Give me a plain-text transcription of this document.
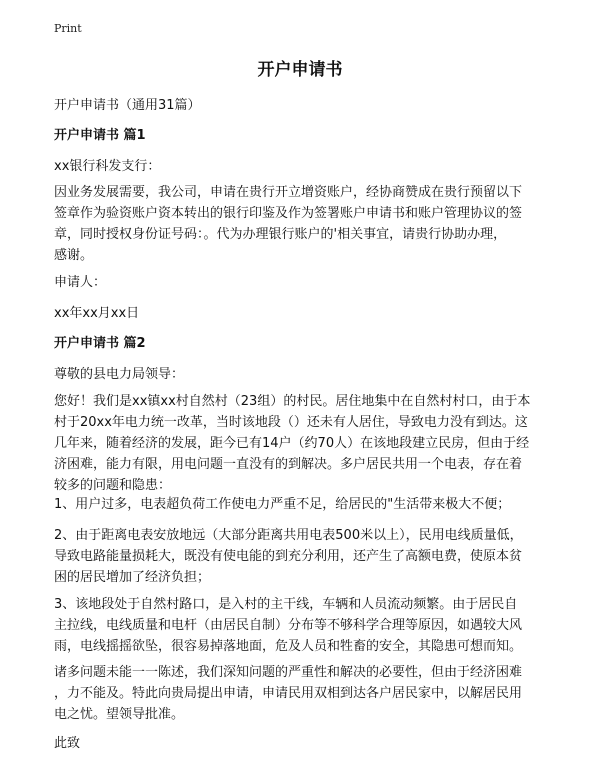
Print
开户申请书
开户申请书（通用31篇）
开户申请书 篇1
xx银行科发支行：
因业务发展需要，我公司，申请在贵行开立增资账户，经协商赞成在贵行预留以下
签章作为验资账户资本转出的银行印鉴及作为签署账户申请书和账户管理协议的签
章，同时授权身份证号码：。代为办理银行账户的'相关事宜，请贵行协助办理，
感谢。
申请人：
xx年xx月xx日
开户申请书 篇2
尊敬的县电力局领导：
您好！我们是xx镇xx村自然村（23组）的村民。居住地集中在自然村村口，由于本
村于20xx年电力统一改革，当时该地段（）还未有人居住，导致电力没有到达。这
几年来，随着经济的发展，距今已有14户（约70人）在该地段建立民房，但由于经
济困难，能力有限，用电问题一直没有的到解决。多户居民共用一个电表，存在着
较多的问题和隐患：
1、用户过多，电表超负荷工作使电力严重不足，给居民的"生活带来极大不便；
2、由于距离电表安放地远（大部分距离共用电表500米以上），民用电线质量低，
导致电路能量损耗大，既没有使电能的到充分利用，还产生了高额电费，使原本贫
困的居民增加了经济负担；
3、该地段处于自然村路口，是入村的主干线，车辆和人员流动频繁。由于居民自
主拉线，电线质量和电杆（由居民自制）分布等不够科学合理等原因，如遇较大风
雨，电线摇摇欲坠，很容易掉落地面，危及人员和牲畜的安全，其隐患可想而知。
诸多问题未能一一陈述，我们深知问题的严重性和解决的必要性，但由于经济困难
，力不能及。特此向贵局提出申请，申请民用双相到达各户居民家中，以解居民用
电之忧。望领导批准。
此致
